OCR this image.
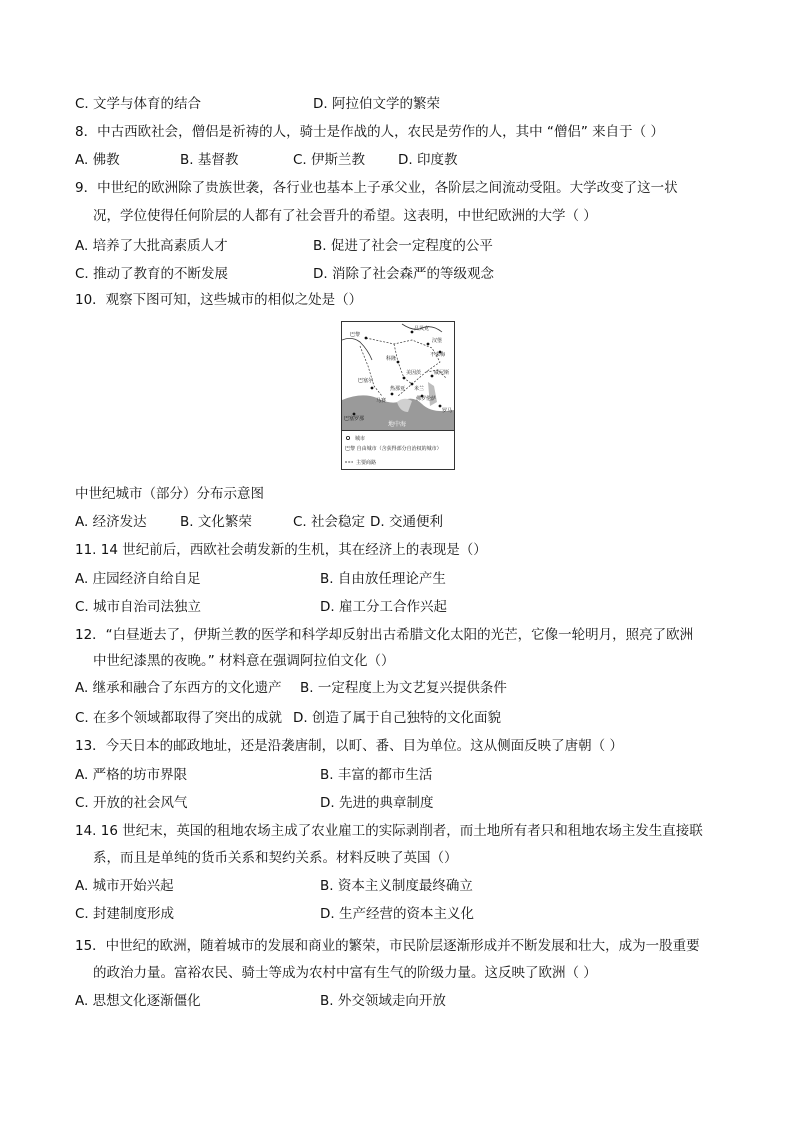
C. 文学与体育的结合	D. 阿拉伯文学的繁荣
8．中古西欧社会，僧侣是祈祷的人，骑士是作战的人，农民是劳作的人，其中 “僧侣” 来自于（ ）
A. 佛教	B. 基督教	C. 伊斯兰教 D. 印度教
9．中世纪的欧洲除了贵族世袭，各行业也基本上子承父业，各阶层之间流动受阻。大学改变了这一状
况，学位使得任何阶层的人都有了社会晋升的希望。这表明，中世纪欧洲的大学（ ）
A. 培养了大批高素质人才	B. 促进了社会一定程度的公平
C. 推动了教育的不断发展	D. 消除了社会森严的等级观念
10．观察下图可知，这些城市的相似之处是（）
巴黎
吕贝克
汉堡
不来梅
科隆
美因茨
巴塞尔
热那亚
马赛
米兰
威尼斯
佛罗伦萨
罗马
巴塞罗那
地中海
城市
巴黎 自由城市（含获得部分自治权的城市）
主要商路
中世纪城市（部分）分布示意图
A. 经济发达 B. 文化繁荣	C. 社会稳定 D. 交通便利
11. 14 世纪前后，西欧社会萌发新的生机，其在经济上的表现是（）
A. 庄园经济自给自足	B. 自由放任理论产生
C. 城市自治司法独立	D. 雇工分工合作兴起
12．“白昼逝去了，伊斯兰教的医学和科学却反射出古希腊文化太阳的光芒，它像一轮明月，照亮了欧洲
中世纪漆黑的夜晚。” 材料意在强调阿拉伯文化（）
A. 继承和融合了东西方的文化遗产 B. 一定程度上为文艺复兴提供条件
C. 在多个领域都取得了突出的成就 D. 创造了属于自己独特的文化面貌
13．今天日本的邮政地址，还是沿袭唐制，以町、番、目为单位。这从侧面反映了唐朝（ ）
A. 严格的坊市界限	B. 丰富的都市生活
C. 开放的社会风气	D. 先进的典章制度
14. 16 世纪末，英国的租地农场主成了农业雇工的实际剥削者，而土地所有者只和租地农场主发生直接联
系，而且是单纯的货币关系和契约关系。材料反映了英国（）
A. 城市开始兴起	B. 资本主义制度最终确立
C. 封建制度形成	D. 生产经营的资本主义化
15．中世纪的欧洲，随着城市的发展和商业的繁荣，市民阶层逐渐形成并不断发展和壮大，成为一股重要
的政治力量。富裕农民、骑士等成为农村中富有生气的阶级力量。这反映了欧洲（ ）
A. 思想文化逐渐僵化	B. 外交领域走向开放
